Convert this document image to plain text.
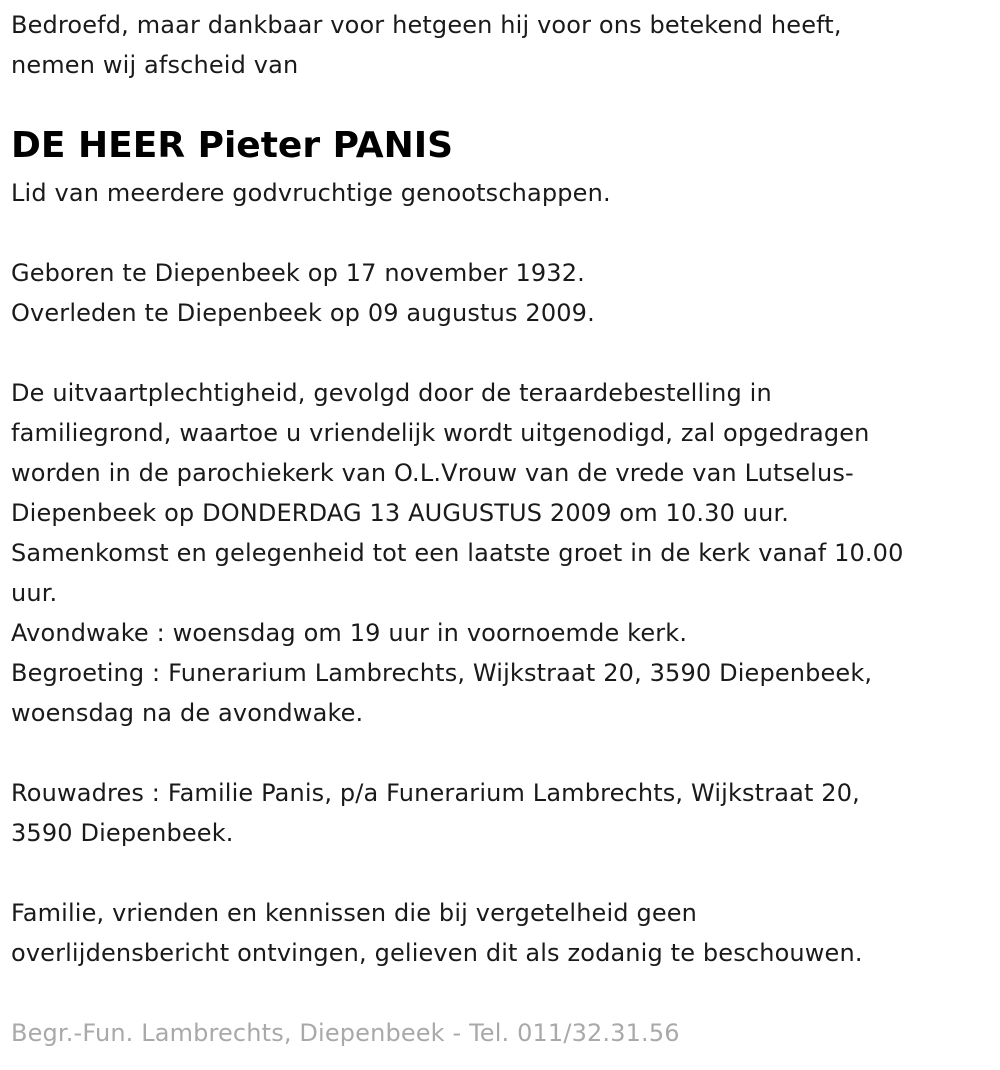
Bedroefd, maar dankbaar voor hetgeen hij voor ons betekend heeft,
nemen wij afscheid van
DE HEER Pieter PANIS
Lid van meerdere godvruchtige genootschappen.
Geboren te Diepenbeek op 17 november 1932.
Overleden te Diepenbeek op 09 augustus 2009.
De uitvaartplechtigheid, gevolgd door de teraardebestelling in
familiegrond, waartoe u vriendelijk wordt uitgenodigd, zal opgedragen
worden in de parochiekerk van O.L.Vrouw van de vrede van Lutselus-
Diepenbeek op DONDERDAG 13 AUGUSTUS 2009 om 10.30 uur.
Samenkomst en gelegenheid tot een laatste groet in de kerk vanaf 10.00
uur.
Avondwake : woensdag om 19 uur in voornoemde kerk.
Begroeting : Funerarium Lambrechts, Wijkstraat 20, 3590 Diepenbeek,
woensdag na de avondwake.
Rouwadres : Familie Panis, p/a Funerarium Lambrechts, Wijkstraat 20,
3590 Diepenbeek.
Familie, vrienden en kennissen die bij vergetelheid geen
overlijdensbericht ontvingen, gelieven dit als zodanig te beschouwen.
Begr.-Fun. Lambrechts, Diepenbeek - Tel. 011/32.31.56
